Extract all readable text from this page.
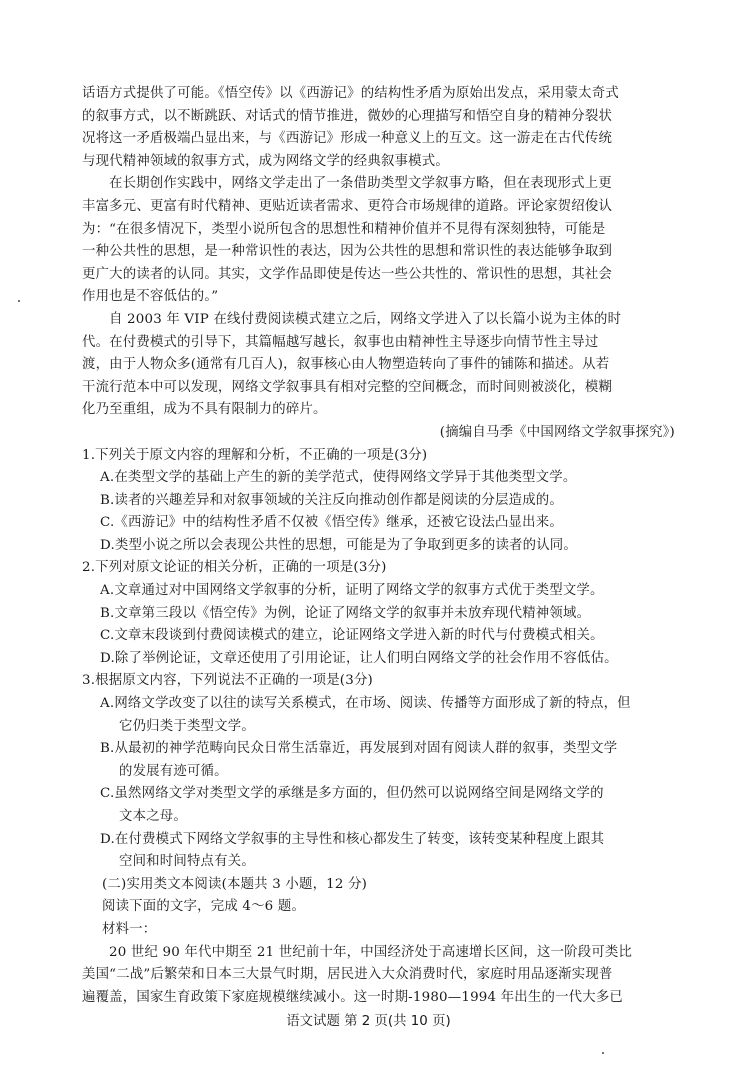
话语方式提供了可能。《悟空传》以《西游记》的结构性矛盾为原始出发点，采用蒙太奇式
的叙事方式，以不断跳跃、对话式的情节推进，微妙的心理描写和悟空自身的精神分裂状
况将这一矛盾极端凸显出来，与《西游记》形成一种意义上的互文。这一游走在古代传统
与现代精神领域的叙事方式，成为网络文学的经典叙事模式。
在长期创作实践中，网络文学走出了一条借助类型文学叙事方略，但在表现形式上更
丰富多元、更富有时代精神、更贴近读者需求、更符合市场规律的道路。评论家贺绍俊认
为：“在很多情况下，类型小说所包含的思想性和精神价值并不見得有深刻独特，可能是
一种公共性的思想，是一种常识性的表达，因为公共性的思想和常识性的表达能够争取到
更广大的读者的认同。其实，文学作品即使是传达一些公共性的、常识性的思想，其社会
作用也是不容低估的。”
自 2003 年 VIP 在线付费阅读模式建立之后，网络文学进入了以长篇小说为主体的时
代。在付费模式的引导下，其篇幅越写越长，叙事也由精神性主导逐步向情节性主导过
渡，由于人物众多(通常有几百人)，叙事核心由人物塑造转向了事件的铺陈和描述。从若
干流行范本中可以发现，网络文学叙事具有相对完整的空间概念，而时间则被淡化，模糊
化乃至重组，成为不具有限制力的碎片。
(摘编自马季《中国网络文学叙事探究》)
1.下列关于原文内容的理解和分析，不正确的一项是(3分)
A.在类型文学的基础上产生的新的美学范式，使得网络文学异于其他类型文学。
B.读者的兴趣差异和对叙事领域的关注反向推动创作都是阅读的分层造成的。
C.《西游记》中的结构性矛盾不仅被《悟空传》继承，还被它设法凸显出来。
D.类型小说之所以会表现公共性的思想，可能是为了争取到更多的读者的认同。
2.下列对原文论证的相关分析，正确的一项是(3分)
A.文章通过对中国网络文学叙事的分析，证明了网络文学的叙事方式优于类型文学。
B.文章第三段以《悟空传》为例，论证了网络文学的叙事并未放弃现代精神领域。
C.文章末段谈到付费阅读模式的建立，论证网络文学进入新的时代与付费模式相关。
D.除了举例论证，文章还使用了引用论证，让人们明白网络文学的社会作用不容低估。
3.根据原文内容，下列说法不正确的一项是(3分)
A.网络文学改变了以往的读写关系模式，在市场、阅读、传播等方面形成了新的特点，但
它仍归类于类型文学。
B.从最初的神学范畴向民众日常生活靠近，再发展到对固有阅读人群的叙事，类型文学
的发展有迹可循。
C.虽然网络文学对类型文学的承继是多方面的，但仍然可以说网络空间是网络文学的
文本之母。
D.在付费模式下网络文学叙事的主导性和核心都发生了转变，该转变某种程度上跟其
空间和时间特点有关。
(二)实用类文本阅读(本题共 3 小题，12 分)
阅读下面的文字，完成 4～6 题。
材料一：
20 世纪 90 年代中期至 21 世纪前十年，中国经济处于高速增长区间，这一阶段可类比
美国“二战”后繁荣和日本三大景气时期，居民进入大众消费时代，家庭时用品逐渐实现普
遍覆盖，国家生育政策下家庭规模继续减小。这一时期-1980—1994 年出生的一代大多已
语文试题 第 2 页(共 10 页)
